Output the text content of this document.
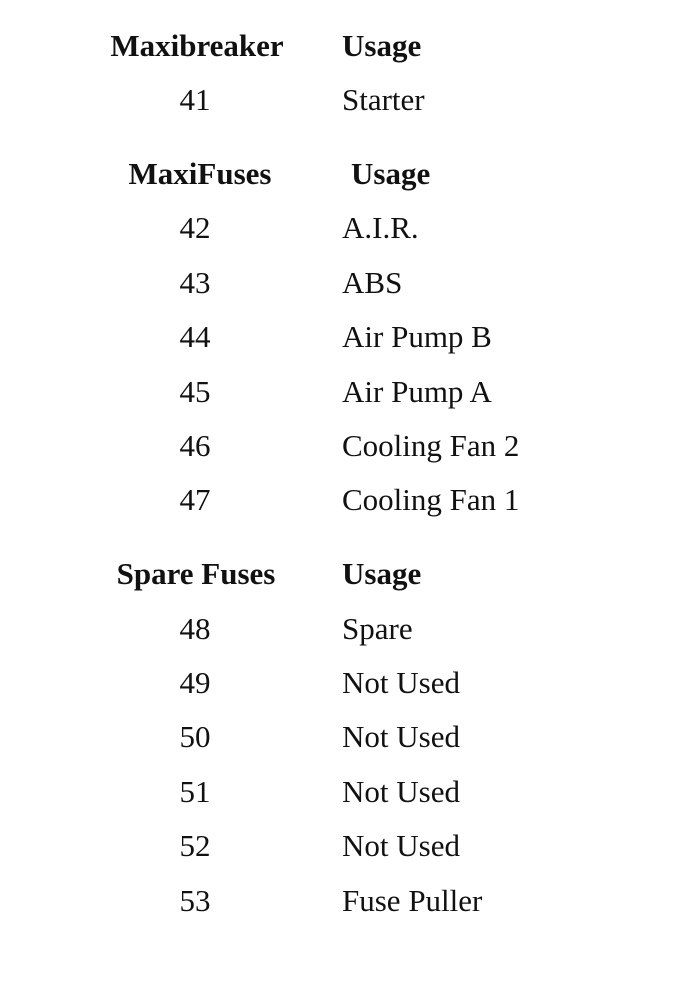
Maxibreaker	Usage
41	Starter
MaxiFuses	Usage
42	A.I.R.
43	ABS
44	Air Pump B
45	Air Pump A
46	Cooling Fan 2
47	Cooling Fan 1
Spare Fuses	Usage
48	Spare
49	Not Used
50	Not Used
51	Not Used
52	Not Used
53	Fuse Puller
